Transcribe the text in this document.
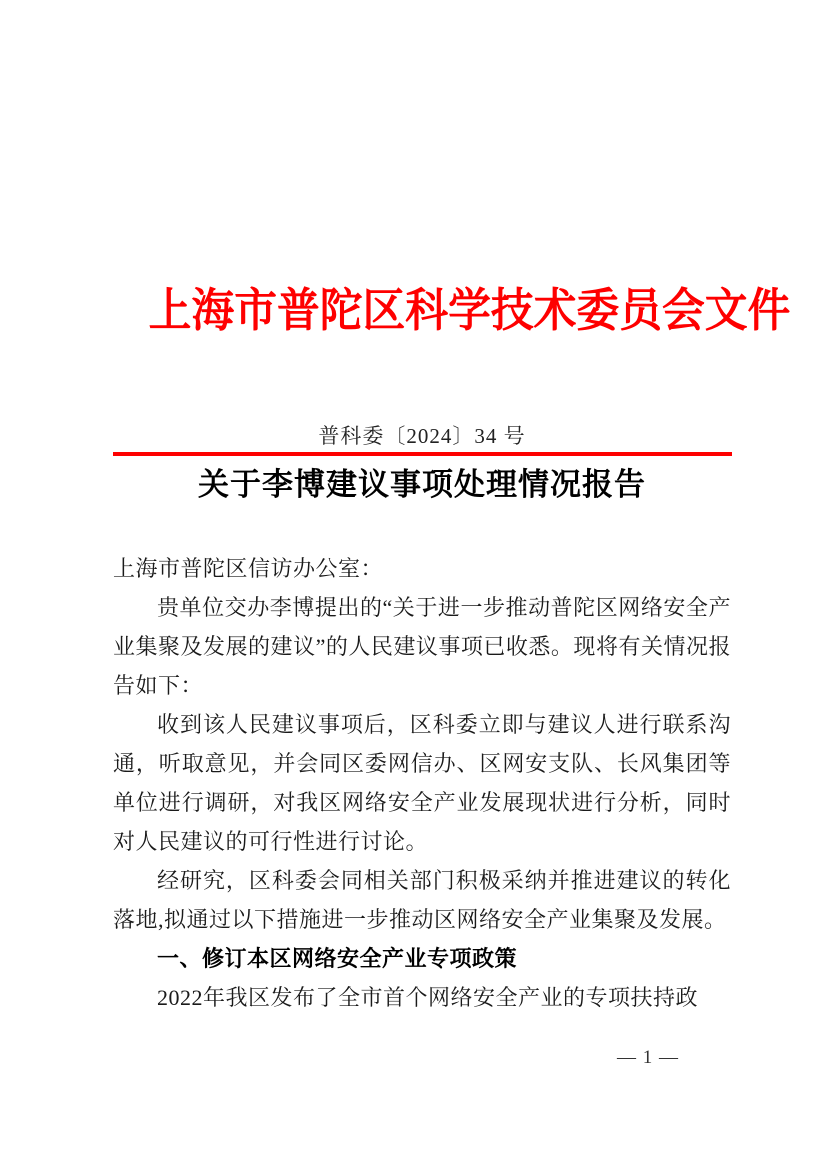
上海市普陀区科学技术委员会文件
普科委〔2024〕34 号
关于李博建议事项处理情况报告

上海市普陀区信访办公室：

贵单位交办李博提出的“关于进一步推动普陀区网络安全产业集聚及发展的建议”的人民建议事项已收悉。现将有关情况报告如下：

收到该人民建议事项后，区科委立即与建议人进行联系沟通，听取意见，并会同区委网信办、区网安支队、长风集团等单位进行调研，对我区网络安全产业发展现状进行分析，同时对人民建议的可行性进行讨论。

经研究，区科委会同相关部门积极采纳并推进建议的转化落地,拟通过以下措施进一步推动区网络安全产业集聚及发展。

一、修订本区网络安全产业专项政策

2022年我区发布了全市首个网络安全产业的专项扶持政

— 1 —
